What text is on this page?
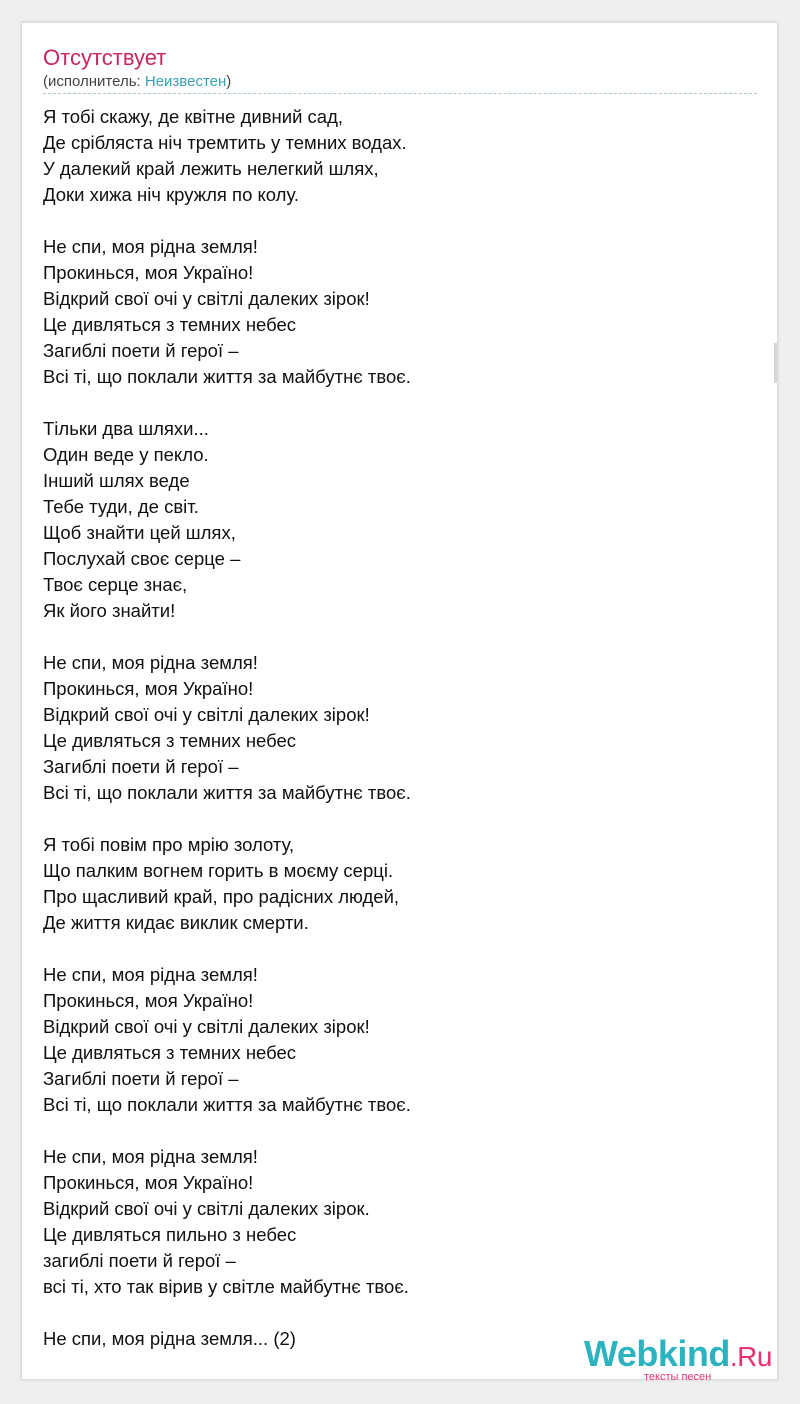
Отсутствует
(исполнитель: Неизвестен)
Я тобі скажу, де квітне дивний сад,
Де срібляста ніч тремтить у темних водах.
У далекий край лежить нелегкий шлях,
Доки хижа ніч кружля по колу.
Не спи, моя рідна земля!
Прокинься, моя Україно!
Відкрий свої очі у світлі далеких зірок!
Це дивляться з темних небес
Загиблі поети й герої –
Всі ті, що поклали життя за майбутнє твоє.
Тільки два шляхи...
Один веде у пекло.
Інший шлях веде
Тебе туди, де світ.
Щоб знайти цей шлях,
Послухай своє серце –
Твоє серце знає,
Як його знайти!
Не спи, моя рідна земля!
Прокинься, моя Україно!
Відкрий свої очі у світлі далеких зірок!
Це дивляться з темних небес
Загиблі поети й герої –
Всі ті, що поклали життя за майбутнє твоє.
Я тобі повім про мрію золоту,
Що палким вогнем горить в моєму серці.
Про щасливий край, про радісних людей,
Де життя кидає виклик смерти.
Не спи, моя рідна земля!
Прокинься, моя Україно!
Відкрий свої очі у світлі далеких зірок!
Це дивляться з темних небес
Загиблі поети й герої –
Всі ті, що поклали життя за майбутнє твоє.
Не спи, моя рідна земля!
Прокинься, моя Україно!
Відкрий свої очі у світлі далеких зірок.
Це дивляться пильно з небес
загиблі поети й герої –
всі ті, хто так вірив у світле майбутнє твоє.
Не спи, моя рідна земля... (2)	Webkind.Ru
тексты песен
